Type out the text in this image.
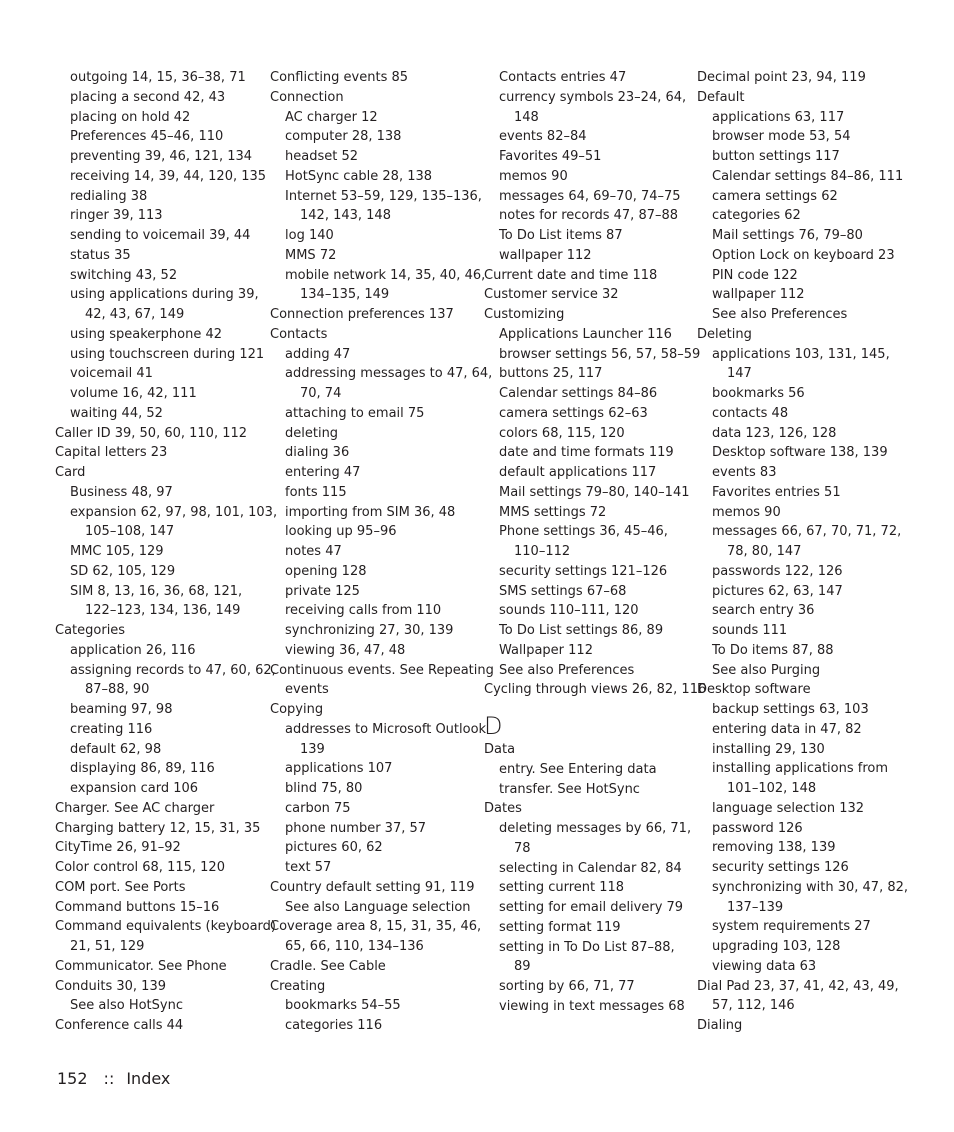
outgoing 14, 15, 36–38, 71
placing a second 42, 43
placing on hold 42
Preferences 45–46, 110
preventing 39, 46, 121, 134
receiving 14, 39, 44, 120, 135
redialing 38
ringer 39, 113
sending to voicemail 39, 44
status 35
switching 43, 52
using applications during 39,
42, 43, 67, 149
using speakerphone 42
using touchscreen during 121
voicemail 41
volume 16, 42, 111
waiting 44, 52
Caller ID 39, 50, 60, 110, 112
Capital letters 23
Card
Business 48, 97
expansion 62, 97, 98, 101, 103,
105–108, 147
MMC 105, 129
SD 62, 105, 129
SIM 8, 13, 16, 36, 68, 121,
122–123, 134, 136, 149
Categories
application 26, 116
assigning records to 47, 60, 62,
87–88, 90
beaming 97, 98
creating 116
default 62, 98
displaying 86, 89, 116
expansion card 106
Charger. See AC charger
Charging battery 12, 15, 31, 35
CityTime 26, 91–92
Color control 68, 115, 120
COM port. See Ports
Command buttons 15–16
Command equivalents (keyboard)
21, 51, 129
Communicator. See Phone
Conduits 30, 139
See also HotSync
Conference calls 44
Conflicting events 85
Connection
AC charger 12
computer 28, 138
headset 52
HotSync cable 28, 138
Internet 53–59, 129, 135–136,
142, 143, 148
log 140
MMS 72
mobile network 14, 35, 40, 46,
134–135, 149
Connection preferences 137
Contacts
adding 47
addressing messages to 47, 64,
70, 74
attaching to email 75
deleting
dialing 36
entering 47
fonts 115
importing from SIM 36, 48
looking up 95–96
notes 47
opening 128
private 125
receiving calls from 110
synchronizing 27, 30, 139
viewing 36, 47, 48
Continuous events. See Repeating
events
Copying
addresses to Microsoft Outlook
139
applications 107
blind 75, 80
carbon 75
phone number 37, 57
pictures 60, 62
text 57
Country default setting 91, 119
See also Language selection
Coverage area 8, 15, 31, 35, 46,
65, 66, 110, 134–136
Cradle. See Cable
Creating
bookmarks 54–55
categories 116
Contacts entries 47
currency symbols 23–24, 64,
148
events 82–84
Favorites 49–51
memos 90
messages 64, 69–70, 74–75
notes for records 47, 87–88
To Do List items 87
wallpaper 112
Current date and time 118
Customer service 32
Customizing
Applications Launcher 116
browser settings 56, 57, 58–59
buttons 25, 117
Calendar settings 84–86
camera settings 62–63
colors 68, 115, 120
date and time formats 119
default applications 117
Mail settings 79–80, 140–141
MMS settings 72
Phone settings 36, 45–46,
110–112
security settings 121–126
SMS settings 67–68
sounds 110–111, 120
To Do List settings 86, 89
Wallpaper 112
See also Preferences
Cycling through views 26, 82, 116
D
Data
entry. See Entering data
transfer. See HotSync
Dates
deleting messages by 66, 71,
78
selecting in Calendar 82, 84
setting current 118
setting for email delivery 79
setting format 119
setting in To Do List 87–88,
89
sorting by 66, 71, 77
viewing in text messages 68
Decimal point 23, 94, 119
Default
applications 63, 117
browser mode 53, 54
button settings 117
Calendar settings 84–86, 111
camera settings 62
categories 62
Mail settings 76, 79–80
Option Lock on keyboard 23
PIN code 122
wallpaper 112
See also Preferences
Deleting
applications 103, 131, 145,
147
bookmarks 56
contacts 48
data 123, 126, 128
Desktop software 138, 139
events 83
Favorites entries 51
memos 90
messages 66, 67, 70, 71, 72,
78, 80, 147
passwords 122, 126
pictures 62, 63, 147
search entry 36
sounds 111
To Do items 87, 88
See also Purging
Desktop software
backup settings 63, 103
entering data in 47, 82
installing 29, 130
installing applications from
101–102, 148
language selection 132
password 126
removing 138, 139
security settings 126
synchronizing with 30, 47, 82,
137–139
system requirements 27
upgrading 103, 128
viewing data 63
Dial Pad 23, 37, 41, 42, 43, 49,
57, 112, 146
Dialing
152 :: Index
